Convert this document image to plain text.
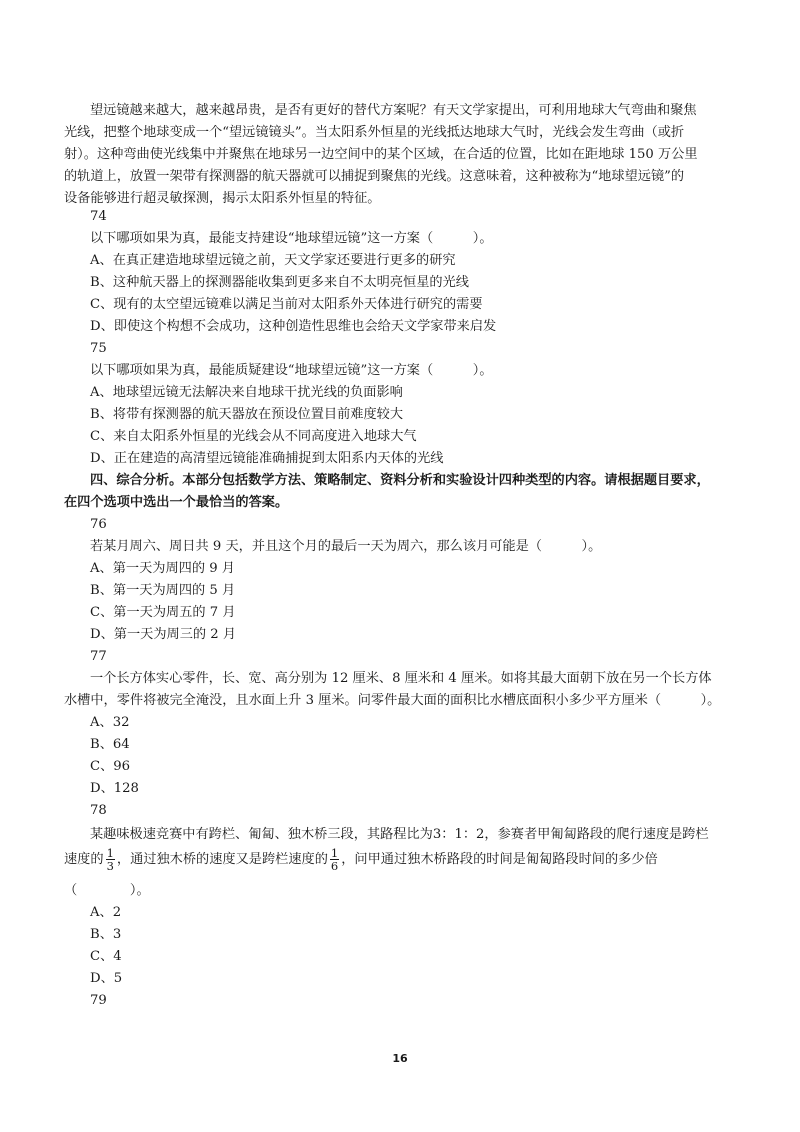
望远镜越来越大，越来越昂贵，是否有更好的替代方案呢？有天文学家提出，可利用地球大气弯曲和聚焦
光线，把整个地球变成一个“望远镜镜头”。当太阳系外恒星的光线抵达地球大气时，光线会发生弯曲（或折
射）。这种弯曲使光线集中并聚焦在地球另一边空间中的某个区域，在合适的位置，比如在距地球 150 万公里
的轨道上，放置一架带有探测器的航天器就可以捕捉到聚焦的光线。这意味着，这种被称为“地球望远镜”的
设备能够进行超灵敏探测，揭示太阳系外恒星的特征。
74
以下哪项如果为真，最能支持建设“地球望远镜”这一方案（　　　）。
A、在真正建造地球望远镜之前，天文学家还要进行更多的研究
B、这种航天器上的探测器能收集到更多来自不太明亮恒星的光线
C、现有的太空望远镜难以满足当前对太阳系外天体进行研究的需要
D、即使这个构想不会成功，这种创造性思维也会给天文学家带来启发
75
以下哪项如果为真，最能质疑建设“地球望远镜”这一方案（　　　）。
A、地球望远镜无法解决来自地球干扰光线的负面影响
B、将带有探测器的航天器放在预设位置目前难度较大
C、来自太阳系外恒星的光线会从不同高度进入地球大气
D、正在建造的高清望远镜能准确捕捉到太阳系内天体的光线
四、综合分析。本部分包括数学方法、策略制定、资料分析和实验设计四种类型的内容。请根据题目要求，
在四个选项中选出一个最恰当的答案。
76
若某月周六、周日共 9 天，并且这个月的最后一天为周六，那么该月可能是（　　　）。
A、第一天为周四的 9 月
B、第一天为周四的 5 月
C、第一天为周五的 7 月
D、第一天为周三的 2 月
77
一个长方体实心零件，长、宽、高分别为 12 厘米、8 厘米和 4 厘米。如将其最大面朝下放在另一个长方体
水槽中，零件将被完全淹没，且水面上升 3 厘米。问零件最大面的面积比水槽底面积小多少平方厘米（　　　）。
A、32
B、64
C、96
D、128
78
某趣味极速竞赛中有跨栏、匍匐、独木桥三段，其路程比为3：1：2，参赛者甲匍匐路段的爬行速度是跨栏
速度的 $\frac{1}{3}$ ，通过独木桥的速度又是跨栏速度的 $\frac{1}{6}$ ，问甲通过独木桥路段的时间是匍匐路段时间的多少倍
（　　　　）。
A、2
B、3
C、4
D、5
79
16
